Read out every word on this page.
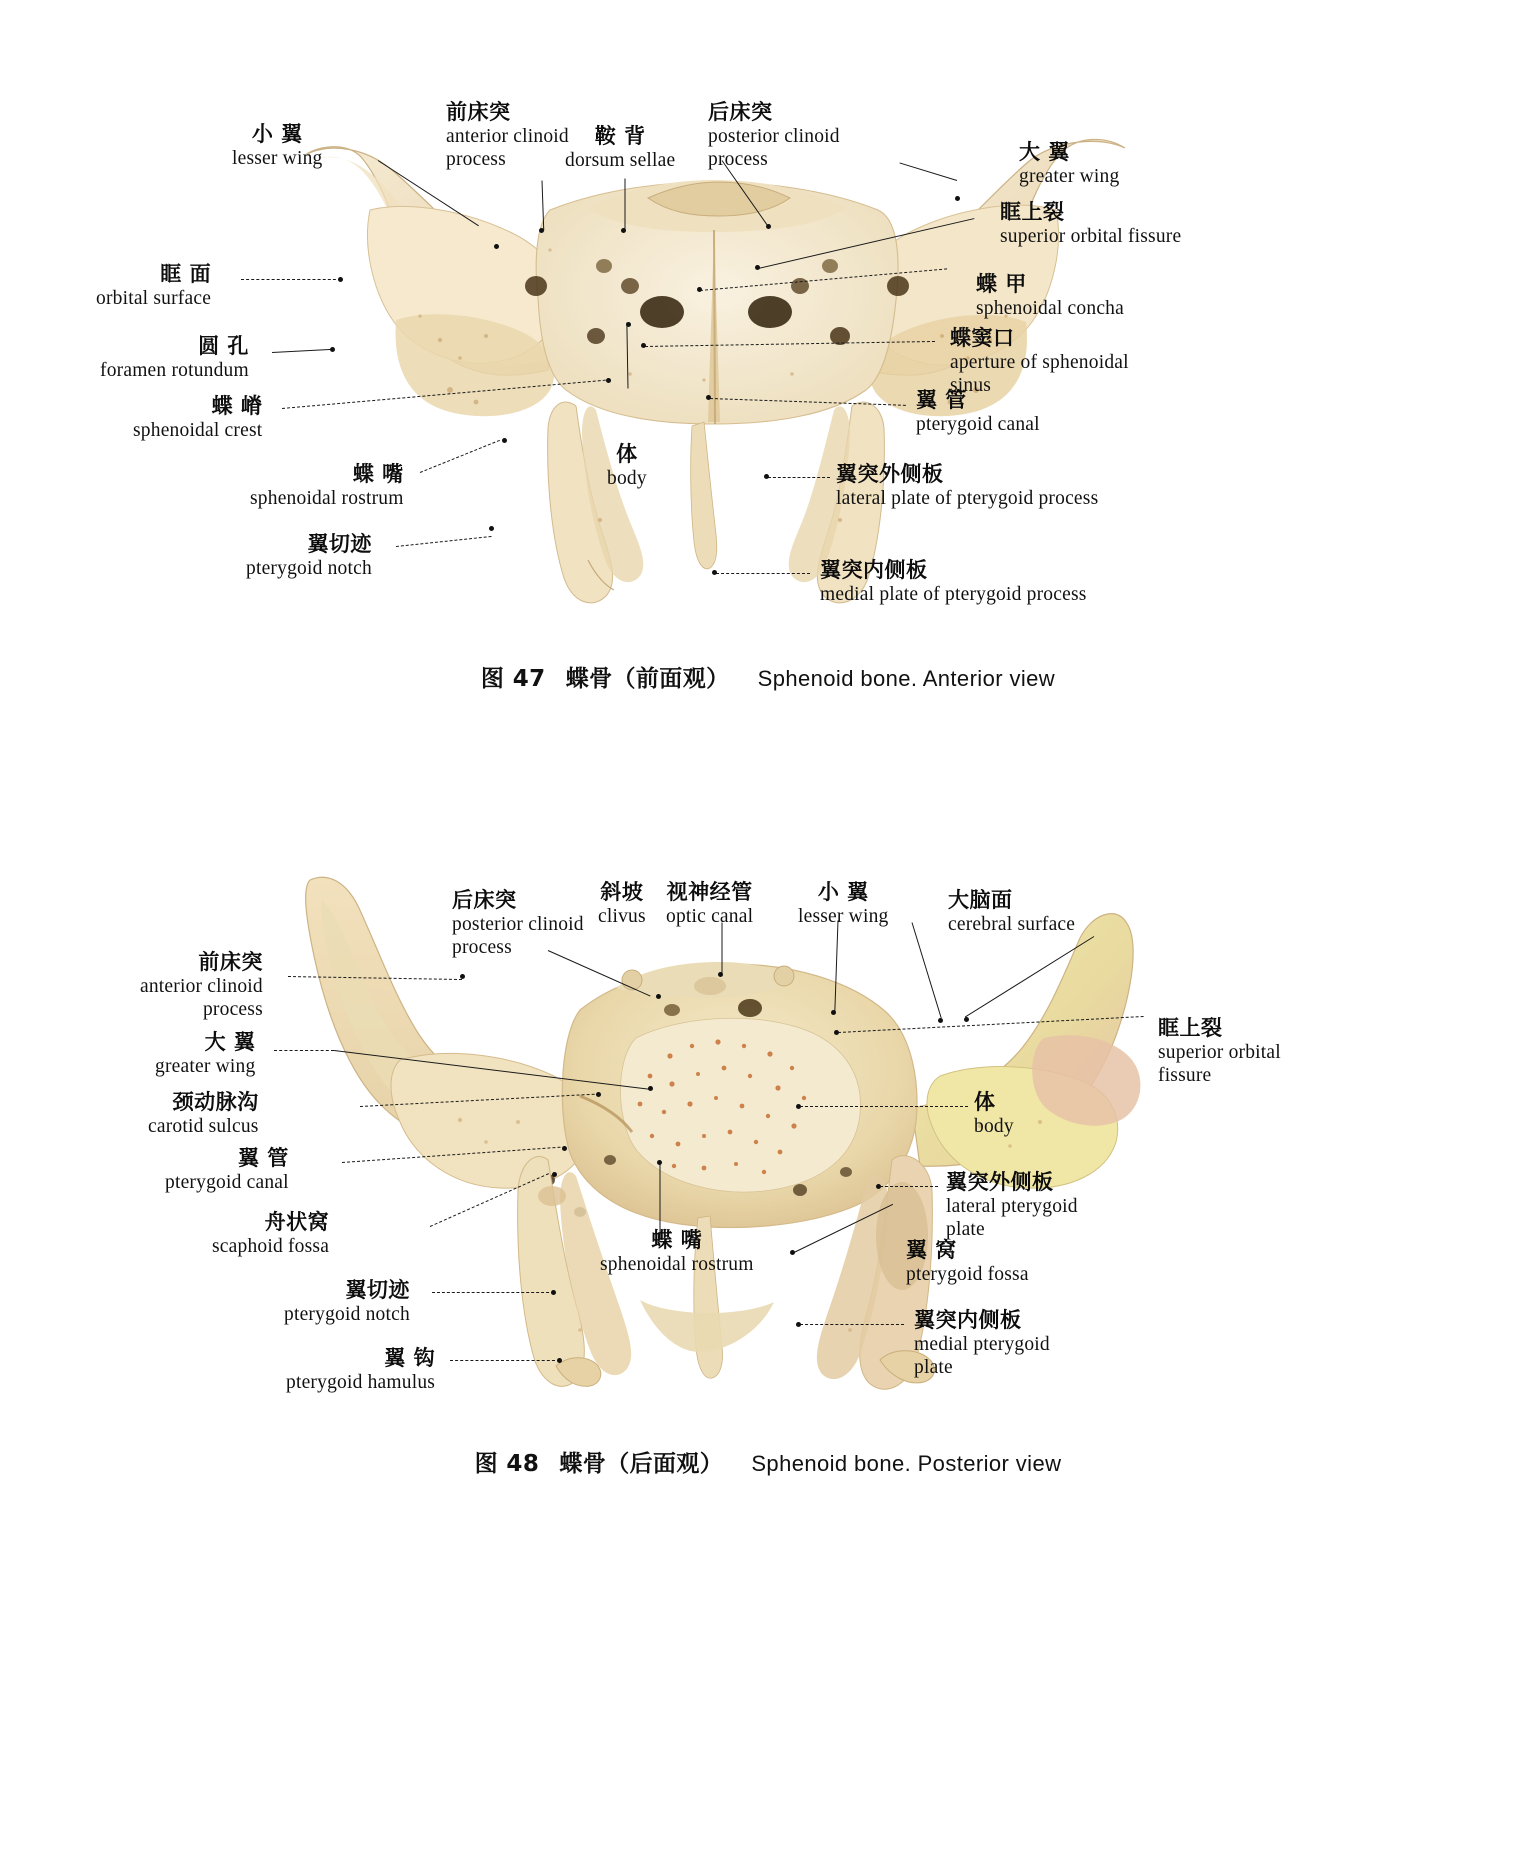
小 翼
lesser wing
前床突
anterior clinoid
process
鞍 背
dorsum sellae
后床突
posterior clinoid
process	大 翼
greater wing
眶上裂
superior orbital fissure
眶 面
orbital surface
蝶 甲
sphenoidal concha
圆 孔
foramen rotundum
蝶窦口
aperture of sphenoidal
sinus
蝶 嵴
sphenoidal crest
翼 管
pterygoid canal
蝶 嘴
sphenoidal rostrum
体
body	翼突外侧板
lateral plate of pterygoid process
翼切迹
pterygoid notch	翼突内侧板
medial plate of pterygoid process
图 47 蝶骨（前面观） Sphenoid bone. Anterior view
后床突
posterior clinoid
process
斜坡
clivus
视神经管
optic canal
小 翼
lesser wing
大脑面
cerebral surface
前床突
anterior clinoid
process
眶上裂
superior orbital
fissure
大 翼
greater wing
颈动脉沟
carotid sulcus
体
body
翼 管
pterygoid canal	翼突外侧板
lateral pterygoid
plate
舟状窝
scaphoid fossa	蝶 嘴
sphenoidal rostrum
翼 窝
pterygoid fossa
翼切迹
pterygoid notch	翼突内侧板
medial pterygoid
plate
翼 钩
pterygoid hamulus
图 48 蝶骨（后面观） Sphenoid bone. Posterior view
